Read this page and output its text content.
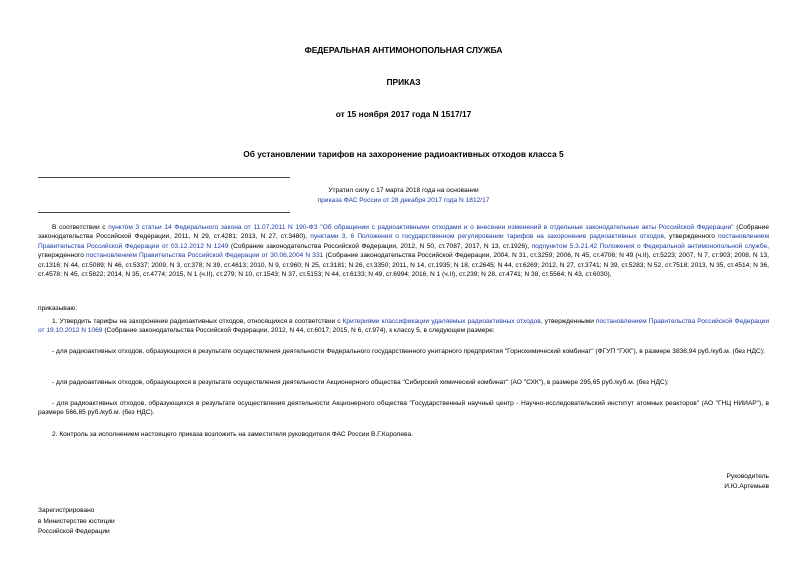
ФЕДЕРАЛЬНАЯ АНТИМОНОПОЛЬНАЯ СЛУЖБА
ПРИКАЗ
от 15 ноября 2017 года N 1517/17
Об установлении тарифов на захоронение радиоактивных отходов класса 5
Утратил силу с 17 марта 2018 года на основании
приказа ФАС России от 28 декабря 2017 года N 1812/17
В соответствии с пунктом 3 статьи 14 Федерального закона от 11.07.2011 N 190-ФЗ "Об обращении с радиоактивными отходами и о внесении изменений в отдельные законодательные акты Российской Федерации" (Собрание законодательства Российской Федерации, 2011, N 29, ст.4281; 2013, N 27, ст.3480), пунктами 3, 6 Положения о государственном регулировании тарифов на захоронение радиоактивных отходов, утвержденного постановлением Правительства Российской Федерации от 03.12.2012 N 1249 (Собрание законодательства Российской Федерации, 2012, N 50, ст.7087, 2017, N 13, ст.1926), подпунктом 5.3.21.42 Положения о Федеральной антимонопольной службе, утвержденного постановлением Правительства Российской Федерации от 30.06.2004 N 331 (Собрание законодательства Российской Федерации, 2004, N 31, ст.3259; 2006, N 45, ст.4706; N 49 (ч.II), ст.5223; 2007, N 7, ст.903; 2008, N 13, ст.1316; N 44, ст.5089; N 46, ст.5337; 2009, N 3, ст.378; N 39, ст.4613; 2010, N 9, ст.960; N 25, ст.3181; N 26, ст.3350; 2011, N 14, ст.1935; N 18, ст.2645; N 44, ст.6269; 2012, N 27, ст.3741; N 39, ст.5283; N 52, ст.7518; 2013, N 35, ст.4514; N 36, ст.4578; N 45, ст.5822; 2014, N 35, ст.4774; 2015, N 1 (ч.II), ст.279; N 10, ст.1543; N 37, ст.5153; N 44, ст.6133; N 49, ст.6994; 2016, N 1 (ч.II), ст.239; N 28, ст.4741; N 38, ст.5564; N 43, ст.6030),
приказываю:
1. Утвердить тарифы на захоронение радиоактивных отходов, относящихся в соответствии с Критериями классификации удаляемых радиоактивных отходов, утвержденными постановлением Правительства Российской Федерации от 19.10.2012 N 1069 (Собрание законодательства Российской Федерации, 2012, N 44, ст.6017; 2015, N 6, ст.974), к классу 5, в следующем размере:
- для радиоактивных отходов, образующихся в результате осуществления деятельности Федерального государственного унитарного предприятия "Горнохимический комбинат" (ФГУП "ГХК"), в размере 3836,94 руб./куб.м. (без НДС);
- для радиоактивных отходов, образующихся в результате осуществления деятельности Акционерного общества "Сибирский химический комбинат" (АО "СХК"), в размере 295,65 руб./куб.м. (без НДС);
- для радиоактивных отходов, образующихся в результате осуществления деятельности Акционерного общества "Государственный научный центр - Научно-исследовательский институт атомных реакторов" (АО "ГНЦ НИИАР"), в размере 566,85 руб./куб.м. (без НДС).
2. Контроль за исполнением настоящего приказа возложить на заместителя руководителя ФАС России В.Г.Королева.
Руководитель
И.Ю.Артемьев
Зарегистрировано
в Министерстве юстиции
Российской Федерации
